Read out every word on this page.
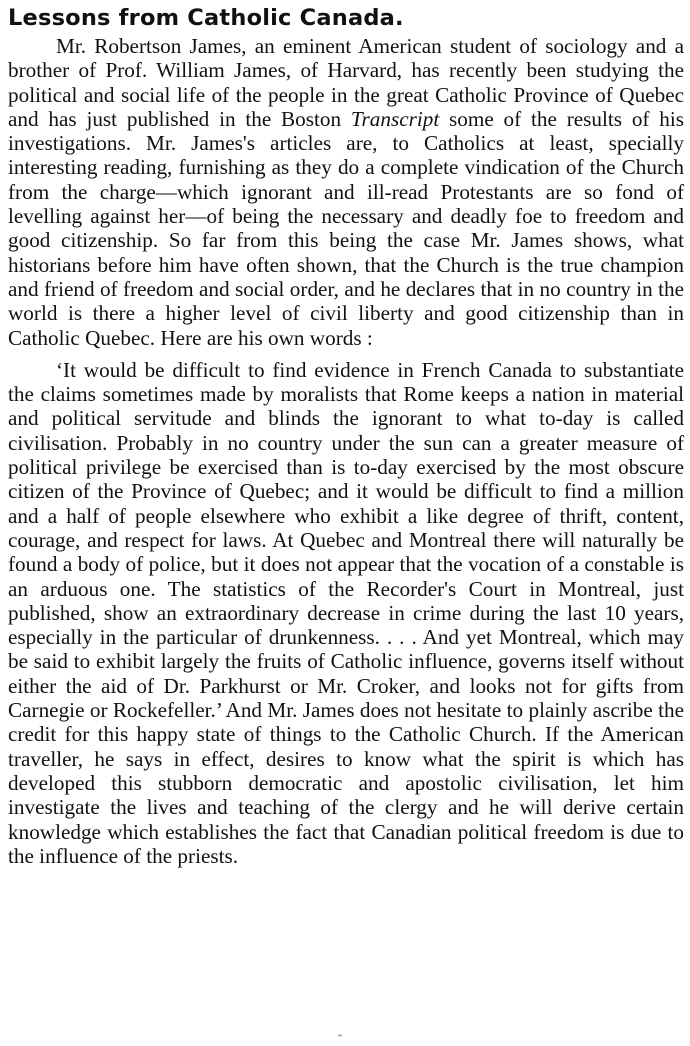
Lessons from Catholic Canada.

Mr. Robertson James, an eminent American student of sociology and a brother of Prof. William James, of Harvard, has recently been studying the political and social life of the people in the great Catholic Province of Quebec and has just published in the Boston Transcript some of the results of his investigations. Mr. James's articles are, to Catholics at least, specially interesting reading, furnishing as they do a complete vindication of the Church from the charge—which ignorant and ill-read Protestants are so fond of levelling against her—of being the necessary and deadly foe to freedom and good citizenship. So far from this being the case Mr. James shows, what historians before him have often shown, that the Church is the true champion and friend of freedom and social order, and he declares that in no country in the world is there a higher level of civil liberty and good citizenship than in Catholic Quebec. Here are his own words :

‘It would be difficult to find evidence in French Canada to substantiate the claims sometimes made by moralists that Rome keeps a nation in material and political servitude and blinds the ignorant to what to-day is called civilisation. Probably in no country under the sun can a greater measure of political privilege be exercised than is to-day exercised by the most obscure citizen of the Province of Quebec; and it would be difficult to find a million and a half of people elsewhere who exhibit a like degree of thrift, content, courage, and respect for laws. At Quebec and Montreal there will naturally be found a body of police, but it does not appear that the vocation of a constable is an arduous one. The statistics of the Recorder's Court in Montreal, just published, show an extraordinary decrease in crime during the last 10 years, especially in the particular of drunkenness. . . . And yet Montreal, which may be said to exhibit largely the fruits of Catholic influence, governs itself without either the aid of Dr. Parkhurst or Mr. Croker, and looks not for gifts from Carnegie or Rockefeller.’ And Mr. James does not hesitate to plainly ascribe the credit for this happy state of things to the Catholic Church. If the American traveller, he says in effect, desires to know what the spirit is which has developed this stubborn democratic and apostolic civilisation, let him investigate the lives and teaching of the clergy and he will derive certain knowledge which establishes the fact that Canadian political freedom is due to the influence of the priests.

˝
